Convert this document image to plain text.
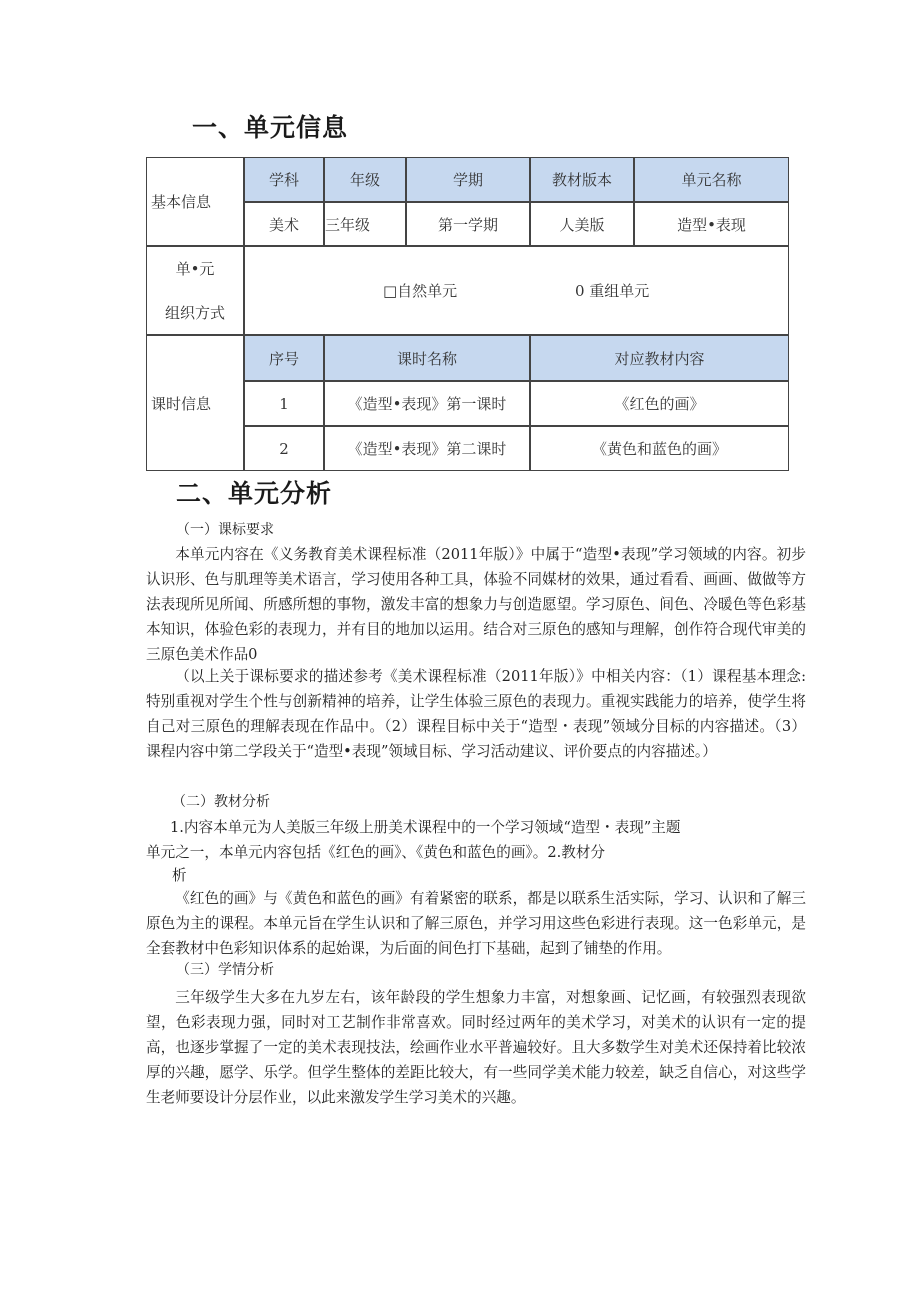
一、单元信息
基本信息
学科	年级	学期	教材版本	单元名称
美术	三年级	第一学期	人美版	造型•表现
单•元
组织方式
□自然单元	0 重组单元
课时信息
序号	课时名称	对应教材内容
1	《造型•表现》第一课时	《红色的画》
2	《造型•表现》第二课时	《黄色和蓝色的画》
二、单元分析
（一）课标要求

本单元内容在《义务教育美术课程标准（2011年版）》中属于“造型•表现”学习领域的内容。初步认识形、色与肌理等美术语言，学习使用各种工具，体验不同媒材的效果，通过看看、画画、做做等方法表现所见所闻、所感所想的事物，激发丰富的想象力与创造愿望。学习原色、间色、冷暖色等色彩基本知识，体验色彩的表现力，并有目的地加以运用。结合对三原色的感知与理解，创作符合现代审美的三原色美术作品0

（以上关于课标要求的描述参考《美术课程标准（2011年版）》中相关内容：（1）课程基本理念:特别重视对学生个性与创新精神的培养，让学生体验三原色的表现力。重视实践能力的培养，使学生将自己对三原色的理解表现在作品中。（2）课程目标中关于“造型・表现”领域分目标的内容描述。（3）课程内容中第二学段关于“造型•表现”领域目标、学习活动建议、评价要点的内容描述。）

（二）教材分析
1.内容本单元为人美版三年级上册美术课程中的一个学习领域“造型・表现”主题
单元之一，本单元内容包括《红色的画》、《黄色和蓝色的画》。2.教材分
析

《红色的画》与《黄色和蓝色的画》有着紧密的联系，都是以联系生活实际，学习、认识和了解三原色为主的课程。本单元旨在学生认识和了解三原色，并学习用这些色彩进行表现。这一色彩单元，是全套教材中色彩知识体系的起始课，为后面的间色打下基础，起到了铺垫的作用。

（三）学情分析

三年级学生大多在九岁左右，该年龄段的学生想象力丰富，对想象画、记忆画，有较强烈表现欲望，色彩表现力强，同时对工艺制作非常喜欢。同时经过两年的美术学习，对美术的认识有一定的提高，也逐步掌握了一定的美术表现技法，绘画作业水平普遍较好。且大多数学生对美术还保持着比较浓厚的兴趣，愿学、乐学。但学生整体的差距比较大，有一些同学美术能力较差，缺乏自信心，对这些学生老师要设计分层作业，以此来激发学生学习美术的兴趣。
